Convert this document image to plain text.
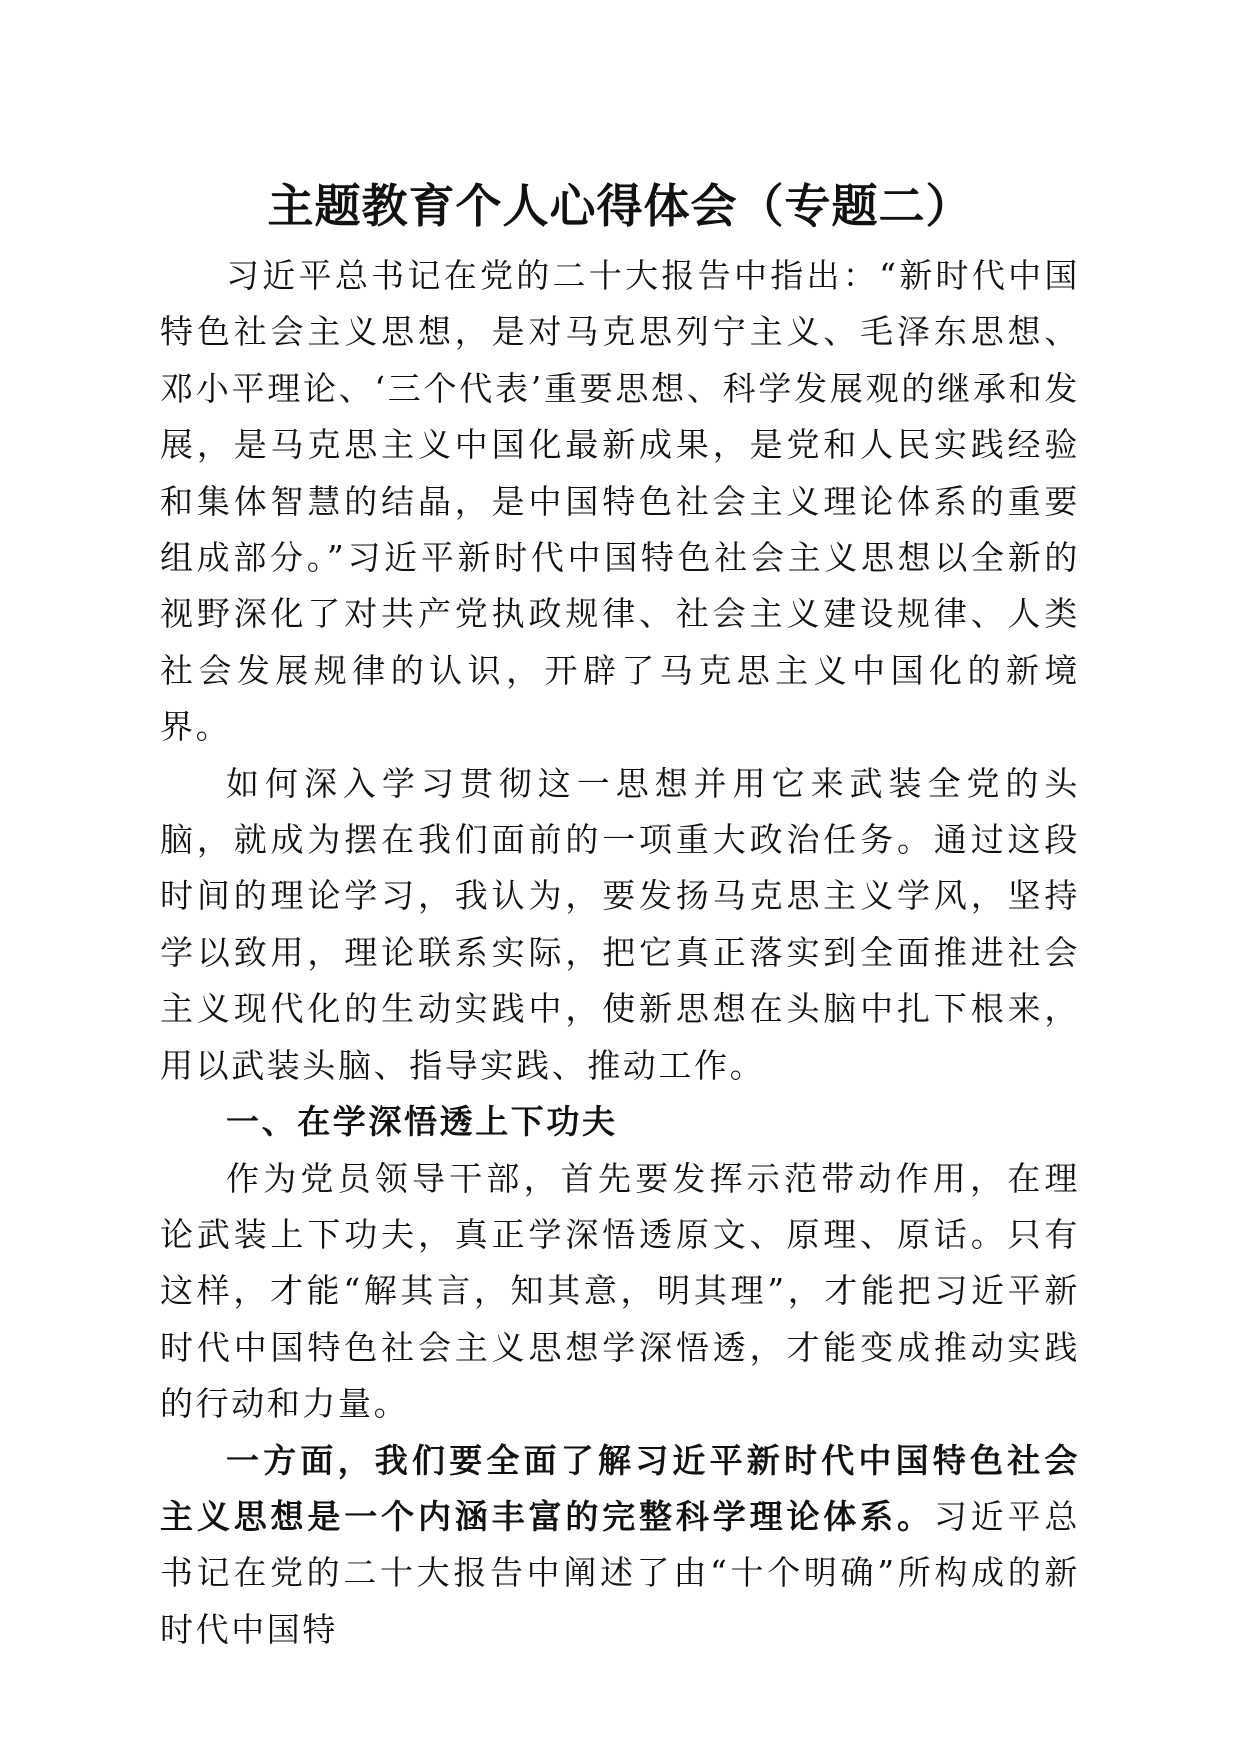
主题教育个人心得体会（专题二）

习近平总书记在党的二十大报告中指出：“新时代中国特色社会主义思想，是对马克思列宁主义、毛泽东思想、邓小平理论、‘三个代表’重要思想、科学发展观的继承和发展，是马克思主义中国化最新成果，是党和人民实践经验和集体智慧的结晶，是中国特色社会主义理论体系的重要组成部分。”习近平新时代中国特色社会主义思想以全新的视野深化了对共产党执政规律、社会主义建设规律、人类社会发展规律的认识，开辟了马克思主义中国化的新境界。

如何深入学习贯彻这一思想并用它来武装全党的头脑，就成为摆在我们面前的一项重大政治任务。通过这段时间的理论学习，我认为，要发扬马克思主义学风，坚持学以致用，理论联系实际，把它真正落实到全面推进社会主义现代化的生动实践中，使新思想在头脑中扎下根来，用以武装头脑、指导实践、推动工作。

一、在学深悟透上下功夫

作为党员领导干部，首先要发挥示范带动作用，在理论武装上下功夫，真正学深悟透原文、原理、原话。只有这样，才能“解其言，知其意，明其理”，才能把习近平新时代中国特色社会主义思想学深悟透，才能变成推动实践的行动和力量。

一方面，我们要全面了解习近平新时代中国特色社会主义思想是一个内涵丰富的完整科学理论体系。习近平总书记在党的二十大报告中阐述了由“十个明确”所构成的新时代中国特
